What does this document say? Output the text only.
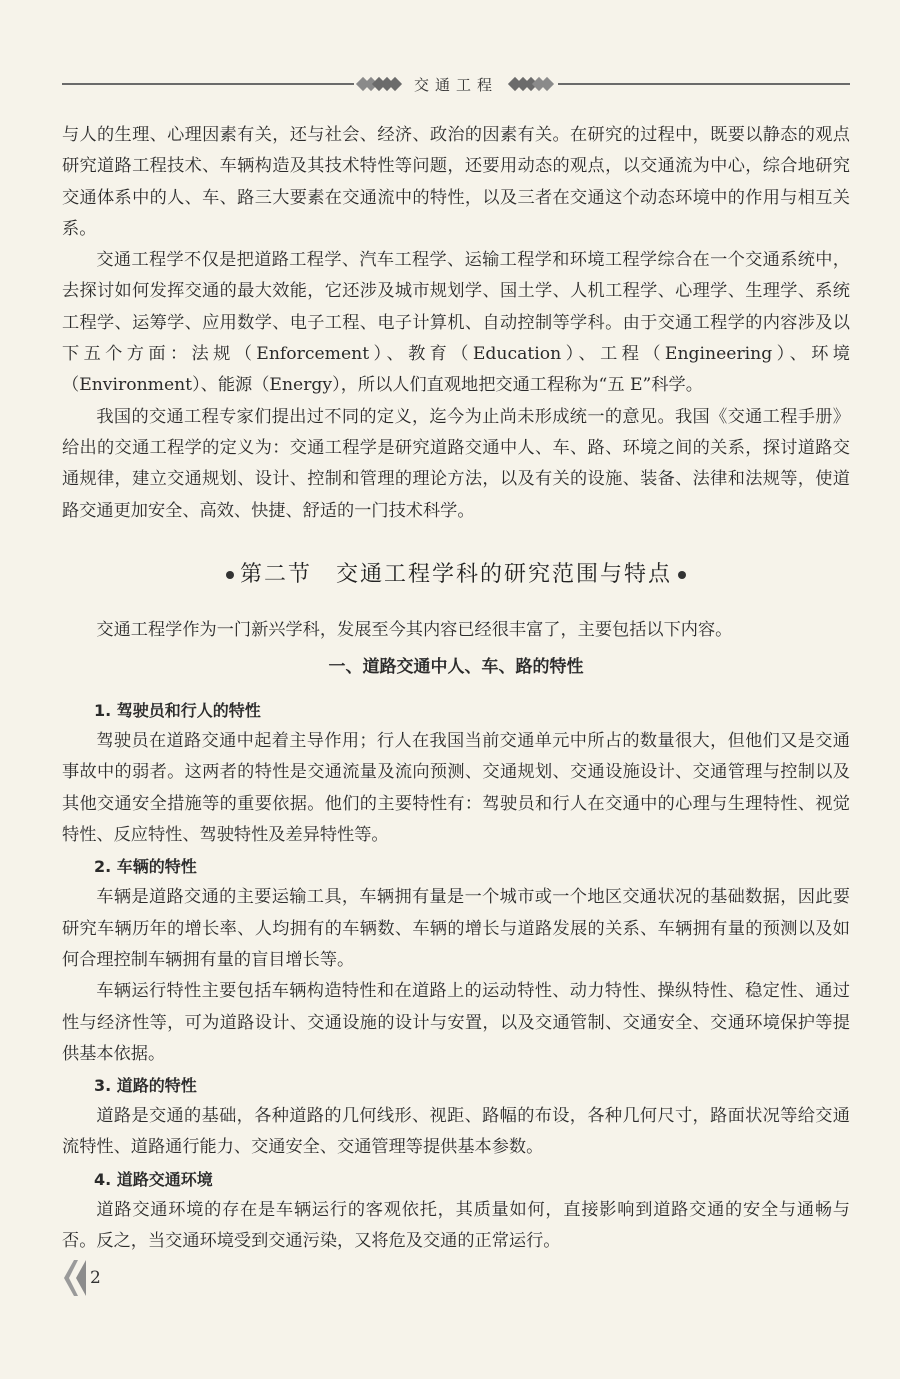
交通工程

与人的生理、心理因素有关，还与社会、经济、政治的因素有关。在研究的过程中，既要以静态的观点研究道路工程技术、车辆构造及其技术特性等问题，还要用动态的观点，以交通流为中心，综合地研究交通体系中的人、车、路三大要素在交通流中的特性，以及三者在交通这个动态环境中的作用与相互关系。

交通工程学不仅是把道路工程学、汽车工程学、运输工程学和环境工程学综合在一个交通系统中，去探讨如何发挥交通的最大效能，它还涉及城市规划学、国土学、人机工程学、心理学、生理学、系统工程学、运筹学、应用数学、电子工程、电子计算机、自动控制等学科。由于交通工程学的内容涉及以下五个方面：法规（Enforcement）、教育（Education）、工程（Engineering）、环境（Environment）、能源（Energy），所以人们直观地把交通工程称为“五 E”科学。

我国的交通工程专家们提出过不同的定义，迄今为止尚未形成统一的意见。我国《交通工程手册》给出的交通工程学的定义为：交通工程学是研究道路交通中人、车、路、环境之间的关系，探讨道路交通规律，建立交通规划、设计、控制和管理的理论方法，以及有关的设施、装备、法律和法规等，使道路交通更加安全、高效、快捷、舒适的一门技术科学。

第二节 交通工程学科的研究范围与特点

交通工程学作为一门新兴学科，发展至今其内容已经很丰富了，主要包括以下内容。

一、道路交通中人、车、路的特性
1. 驾驶员和行人的特性

驾驶员在道路交通中起着主导作用；行人在我国当前交通单元中所占的数量很大，但他们又是交通事故中的弱者。这两者的特性是交通流量及流向预测、交通规划、交通设施设计、交通管理与控制以及其他交通安全措施等的重要依据。他们的主要特性有：驾驶员和行人在交通中的心理与生理特性、视觉特性、反应特性、驾驶特性及差异特性等。

2. 车辆的特性

车辆是道路交通的主要运输工具，车辆拥有量是一个城市或一个地区交通状况的基础数据，因此要研究车辆历年的增长率、人均拥有的车辆数、车辆的增长与道路发展的关系、车辆拥有量的预测以及如何合理控制车辆拥有量的盲目增长等。

车辆运行特性主要包括车辆构造特性和在道路上的运动特性、动力特性、操纵特性、稳定性、通过性与经济性等，可为道路设计、交通设施的设计与安置，以及交通管制、交通安全、交通环境保护等提供基本依据。

3. 道路的特性

道路是交通的基础，各种道路的几何线形、视距、路幅的布设，各种几何尺寸，路面状况等给交通流特性、道路通行能力、交通安全、交通管理等提供基本参数。

4. 道路交通环境

道路交通环境的存在是车辆运行的客观依托，其质量如何，直接影响到道路交通的安全与通畅与否。反之，当交通环境受到交通污染，又将危及交通的正常运行。

2
